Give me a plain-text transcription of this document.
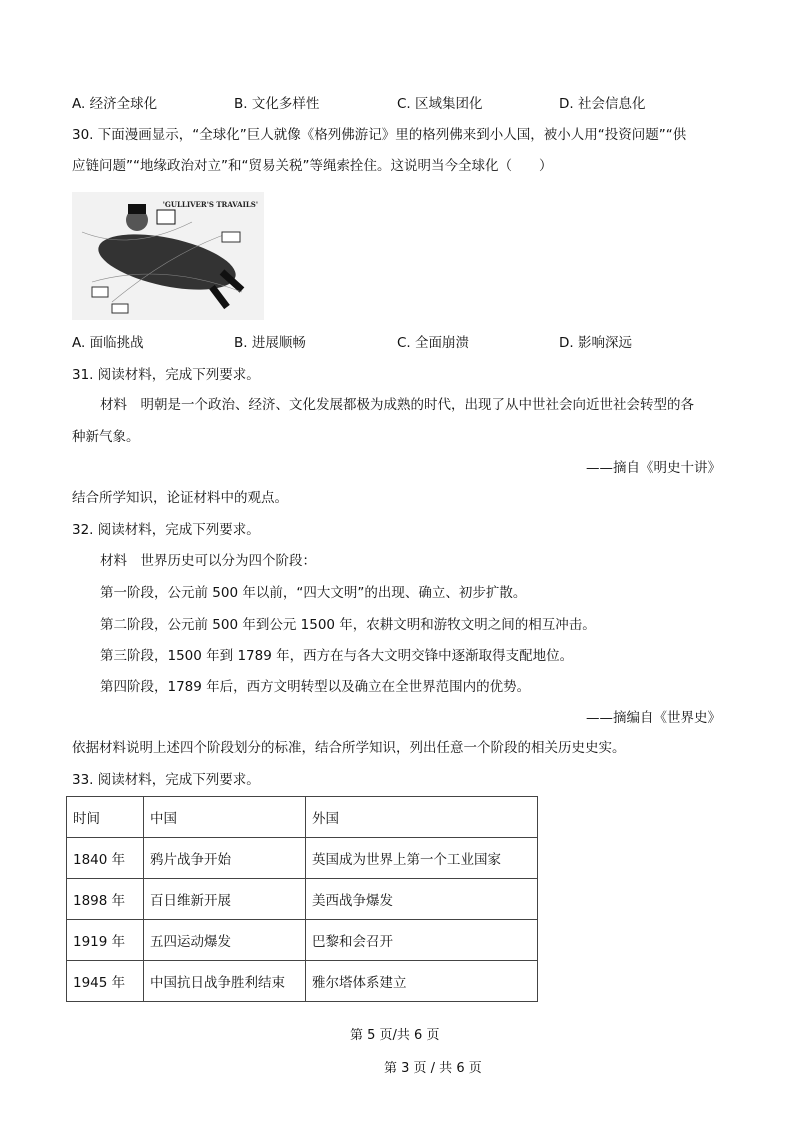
A. 经济全球化	B. 文化多样性	C. 区域集团化	D. 社会信息化
30. 下面漫画显示，“全球化”巨人就像《格列佛游记》里的格列佛来到小人国，被小人用“投资问题”“供
应链问题”“地缘政治对立”和“贸易关税”等绳索拴住。这说明当今全球化（　　）
'GULLIVER'S TRAVAILS'
A. 面临挑战	B. 进展顺畅	C. 全面崩溃	D. 影响深远
31. 阅读材料，完成下列要求。
材料　明朝是一个政治、经济、文化发展都极为成熟的时代，出现了从中世社会向近世社会转型的各
种新气象。
——摘自《明史十讲》
结合所学知识，论证材料中的观点。
32. 阅读材料，完成下列要求。
材料　世界历史可以分为四个阶段：
第一阶段，公元前 500 年以前，“四大文明”的出现、确立、初步扩散。
第二阶段，公元前 500 年到公元 1500 年，农耕文明和游牧文明之间的相互冲击。
第三阶段，1500 年到 1789 年，西方在与各大文明交锋中逐渐取得支配地位。
第四阶段，1789 年后，西方文明转型以及确立在全世界范围内的优势。
——摘编自《世界史》
依据材料说明上述四个阶段划分的标准，结合所学知识，列出任意一个阶段的相关历史史实。
33. 阅读材料，完成下列要求。
时间	中国	外国
1840 年	鸦片战争开始	英国成为世界上第一个工业国家
1898 年	百日维新开展	美西战争爆发
1919 年	五四运动爆发	巴黎和会召开
1945 年	中国抗日战争胜利结束	雅尔塔体系建立
第 5 页/共 6 页
第 3 页 / 共 6 页
